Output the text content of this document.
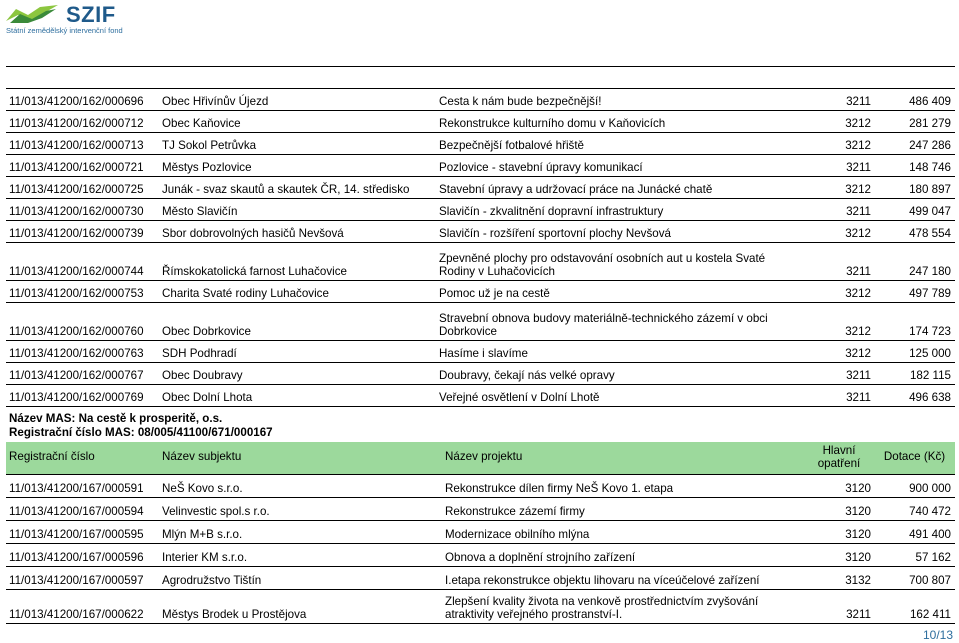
SZIF
Státní zemědělský intervenční fond
11/013/41200/162/000696	Obec Hřivínův Újezd	Cesta k nám bude bezpečnější!	3211	486 409
11/013/41200/162/000712	Obec Kaňovice	Rekonstrukce kulturního domu v Kaňovicích	3212	281 279
11/013/41200/162/000713	TJ Sokol Petrůvka	Bezpečnější fotbalové hřiště	3212	247 286
11/013/41200/162/000721	Městys Pozlovice	Pozlovice - stavební úpravy komunikací	3211	148 746
11/013/41200/162/000725	Junák - svaz skautů a skautek ČR, 14. středisko	Stavební úpravy a udržovací práce na Junácké chatě	3212	180 897
11/013/41200/162/000730	Město Slavičín	Slavičín - zkvalitnění dopravní infrastruktury	3211	499 047
11/013/41200/162/000739	Sbor dobrovolných hasičů Nevšová	Slavičín - rozšíření sportovní plochy Nevšová	3212	478 554
11/013/41200/162/000744	Římskokatolická farnost Luhačovice	Zpevněné plochy pro odstavování osobních aut u kostela Svaté Rodiny v Luhačovicích	3211	247 180
11/013/41200/162/000753	Charita Svaté rodiny Luhačovice	Pomoc už je na cestě	3212	497 789
11/013/41200/162/000760	Obec Dobrkovice	Stravební obnova budovy materiálně-technického zázemí v obci Dobrkovice	3212	174 723
11/013/41200/162/000763	SDH Podhradí	Hasíme i slavíme	3212	125 000
11/013/41200/162/000767	Obec Doubravy	Doubravy, čekají nás velké opravy	3211	182 115
11/013/41200/162/000769	Obec Dolní Lhota	Veřejné osvětlení v Dolní Lhotě	3211	496 638
Název MAS: Na cestě k prosperitě, o.s.
Registrační číslo MAS: 08/005/41100/671/000167
Registrační číslo	Název subjektu	Název projektu	Hlavní opatření	Dotace (Kč)
11/013/41200/167/000591	NeŠ Kovo s.r.o.	Rekonstrukce dílen firmy NeŠ Kovo 1. etapa	3120	900 000
11/013/41200/167/000594	Velinvestic spol.s r.o.	Rekonstrukce zázemí firmy	3120	740 472
11/013/41200/167/000595	Mlýn M+B s.r.o.	Modernizace obilního mlýna	3120	491 400
11/013/41200/167/000596	Interier KM s.r.o.	Obnova a doplnění strojního zařízení	3120	57 162
11/013/41200/167/000597	Agrodružstvo Tištín	I.etapa rekonstrukce objektu lihovaru na víceúčelové zařízení	3132	700 807
11/013/41200/167/000622	Městys Brodek u Prostějova	Zlepšení kvality života na venkově prostřednictvím zvyšování atraktivity veřejného prostranství-I.	3211	162 411
10/13
